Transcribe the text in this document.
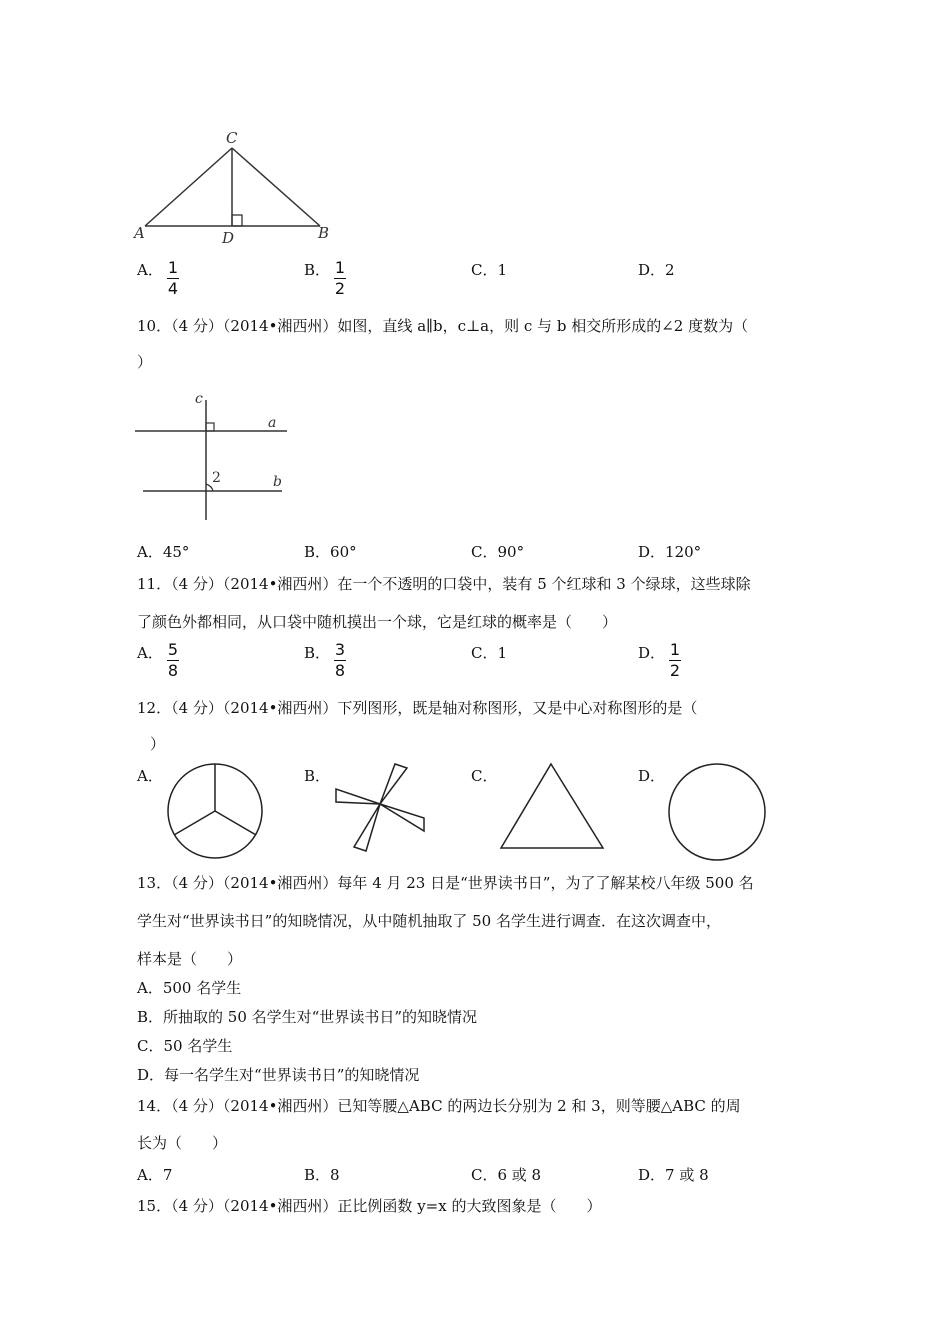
C
A	D	B
A． 1
4
B． 1
2
C．1	D．2
10．（4 分）（2014•湘西州）如图，直线 a∥b，c⊥a，则 c 与 b 相交所形成的∠2 度数为（
）
c
a
b
2
A．45°	B．60°	C．90°	D．120°
11．（4 分）（2014•湘西州）在一个不透明的口袋中，装有 5 个红球和 3 个绿球，这些球除
了颜色外都相同，从口袋中随机摸出一个球，它是红球的概率是（　　）
A． 5
8
B． 3
8
C．1	D． 1
2
12．（4 分）（2014•湘西州）下列图形，既是轴对称图形，又是中心对称图形的是（
）
A．	B．	C．	D．
13．（4 分）（2014•湘西州）每年 4 月 23 日是“世界读书日”，为了了解某校八年级 500 名
学生对“世界读书日”的知晓情况，从中随机抽取了 50 名学生进行调查．在这次调查中，
样本是（　　）
A．500 名学生
B．所抽取的 50 名学生对“世界读书日”的知晓情况
C．50 名学生
D．每一名学生对“世界读书日”的知晓情况
14．（4 分）（2014•湘西州）已知等腰△ABC 的两边长分别为 2 和 3，则等腰△ABC 的周
长为（　　）
A．7	B．8	C．6 或 8	D．7 或 8
15．（4 分）（2014•湘西州）正比例函数 y=x 的大致图象是（　　）
